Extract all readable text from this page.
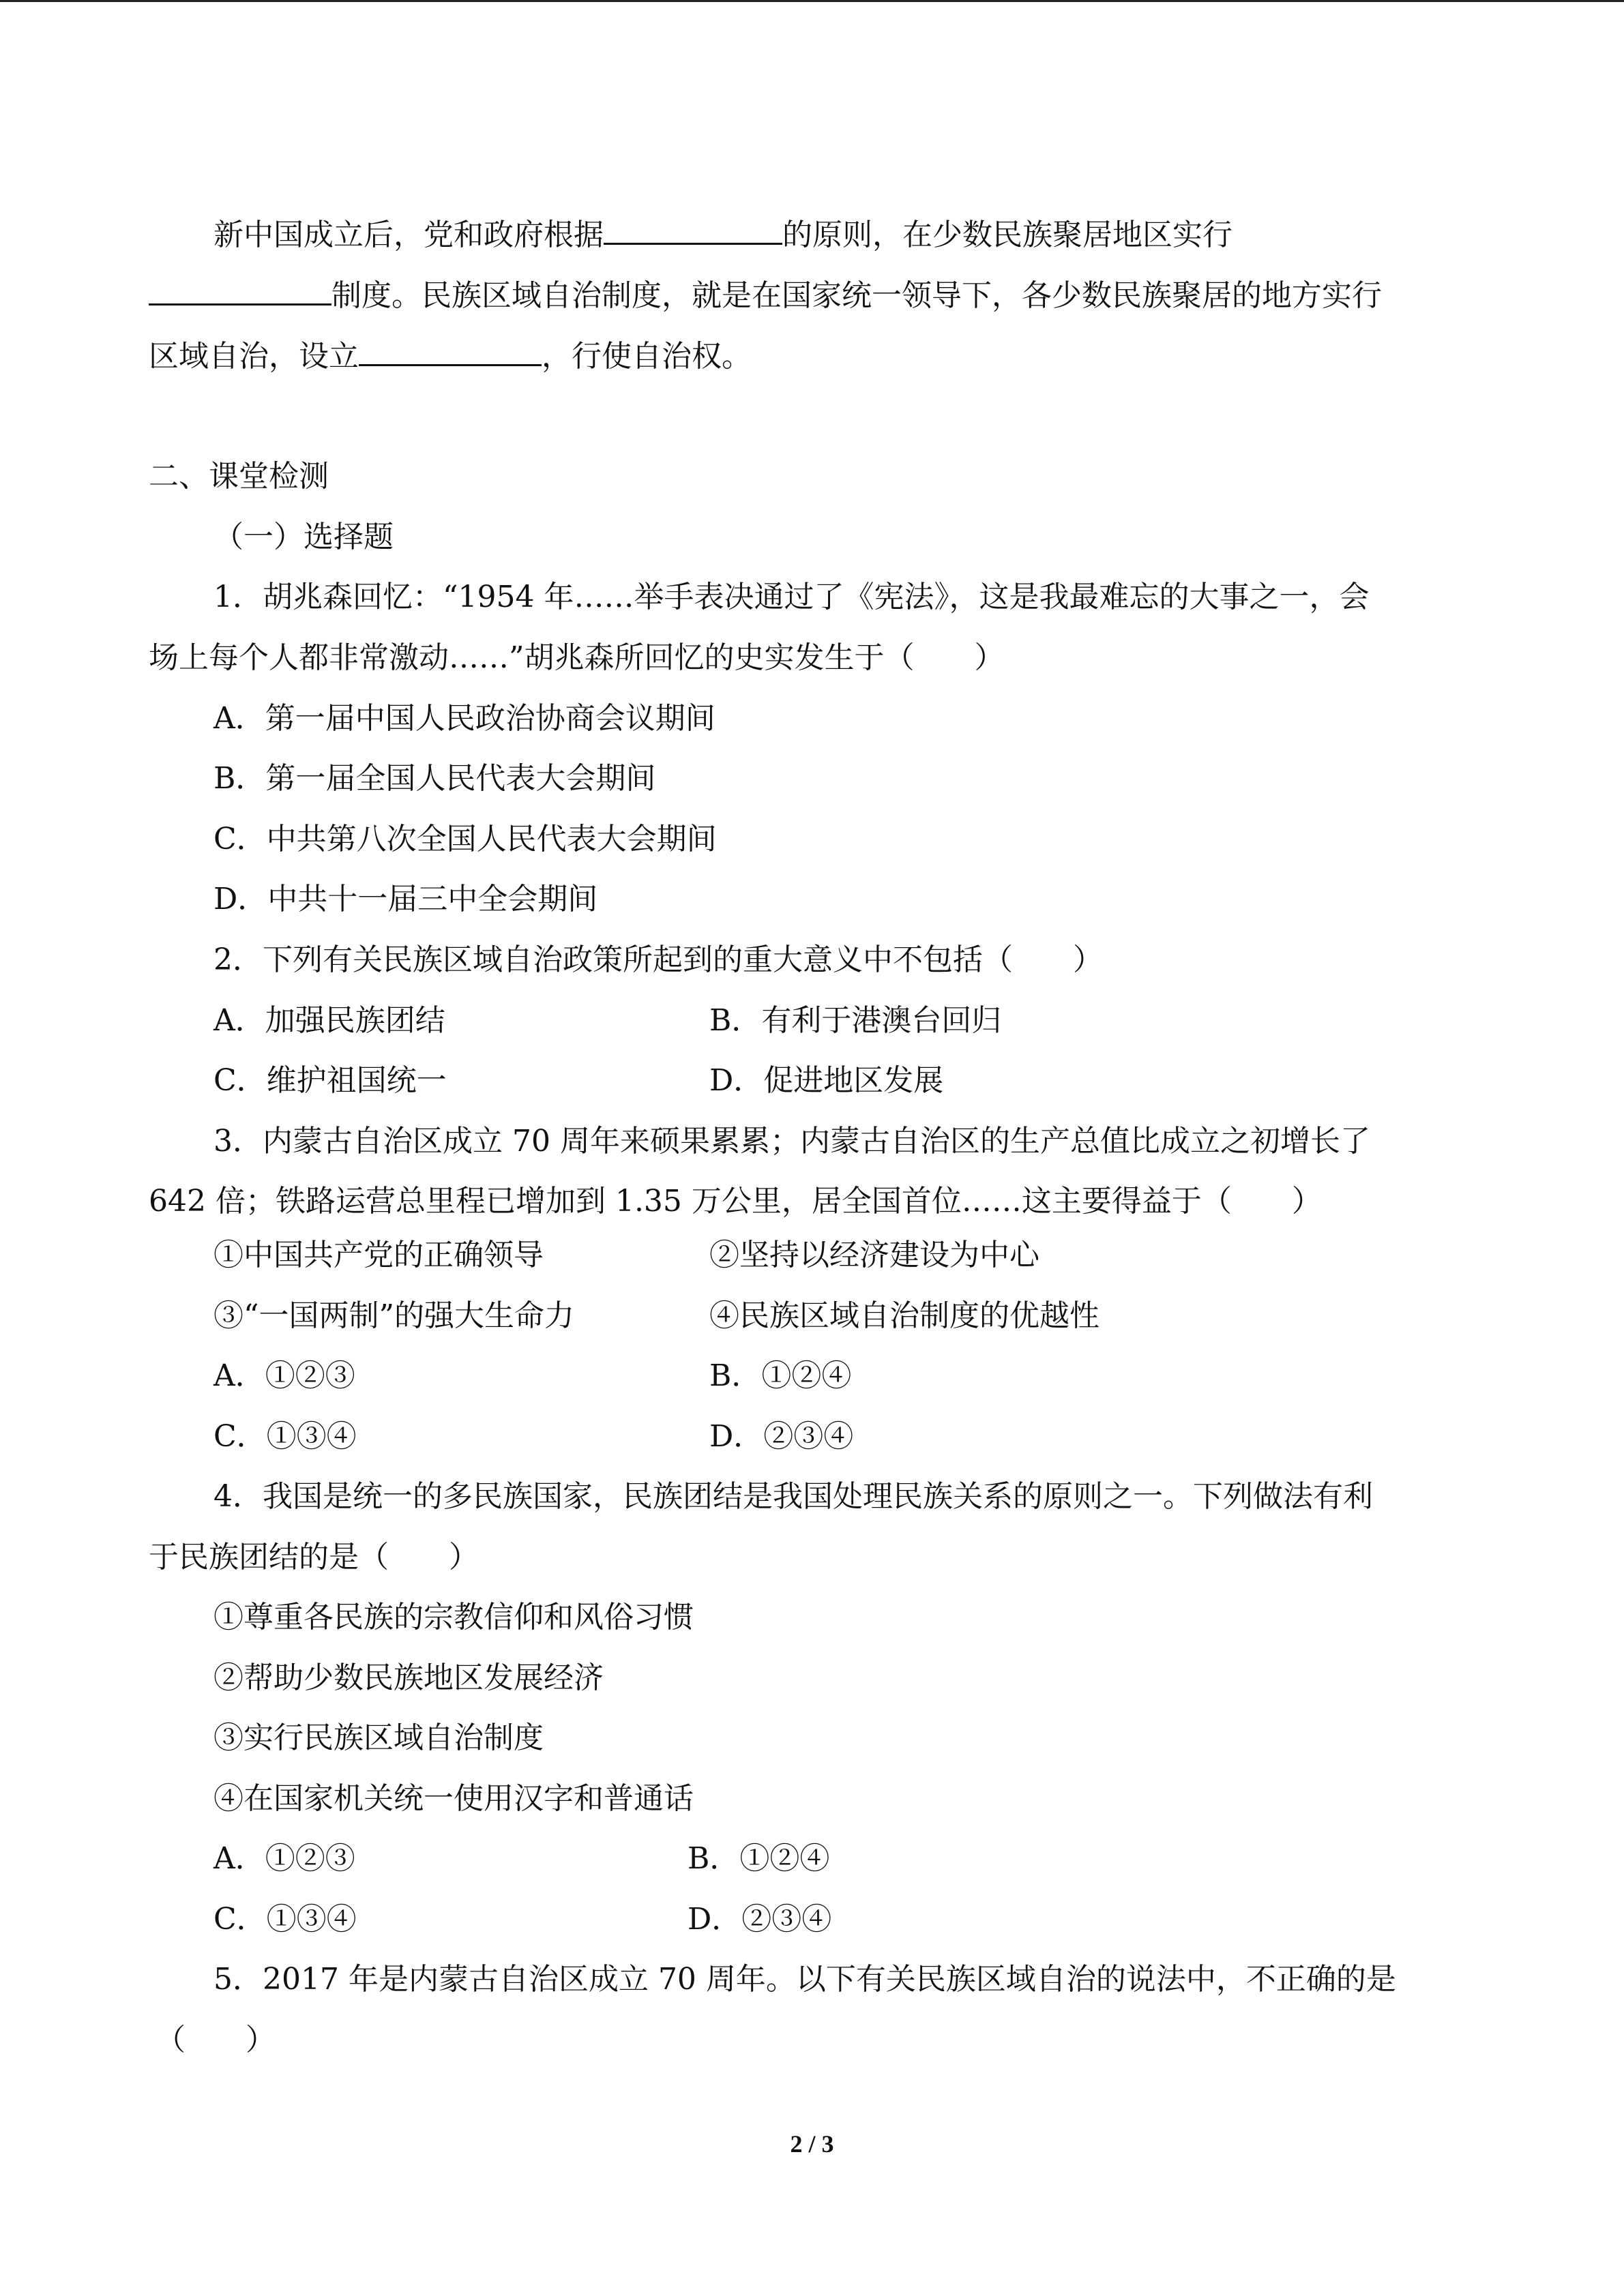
新中国成立后，党和政府根据	的原则，在少数民族聚居地区实行
制度。民族区域自治制度，就是在国家统一领导下，各少数民族聚居的地方实行
区域自治，设立	，行使自治权。
二、课堂检测
（一）选择题
1．胡兆森回忆：“1954 年……举手表决通过了《宪法》，这是我最难忘的大事之一，会
场上每个人都非常激动……”胡兆森所回忆的史实发生于（　　）
A．第一届中国人民政治协商会议期间
B．第一届全国人民代表大会期间
C．中共第八次全国人民代表大会期间
D．中共十一届三中全会期间
2．下列有关民族区域自治政策所起到的重大意义中不包括（　　）
A．加强民族团结	B．有利于港澳台回归
C．维护祖国统一	D．促进地区发展
3．内蒙古自治区成立 70 周年来硕果累累；内蒙古自治区的生产总值比成立之初增长了
642 倍；铁路运营总里程已增加到 1.35 万公里，居全国首位……这主要得益于（　　）
①中国共产党的正确领导	②坚持以经济建设为中心
③“一国两制”的强大生命力	④民族区域自治制度的优越性
A．①②③	B．①②④
C．①③④	D．②③④
4．我国是统一的多民族国家，民族团结是我国处理民族关系的原则之一。下列做法有利
于民族团结的是（　　）
①尊重各民族的宗教信仰和风俗习惯
②帮助少数民族地区发展经济
③实行民族区域自治制度
④在国家机关统一使用汉字和普通话
A．①②③	B．①②④
C．①③④	D．②③④
5．2017 年是内蒙古自治区成立 70 周年。以下有关民族区域自治的说法中，不正确的是
（　　）
2 / 3
